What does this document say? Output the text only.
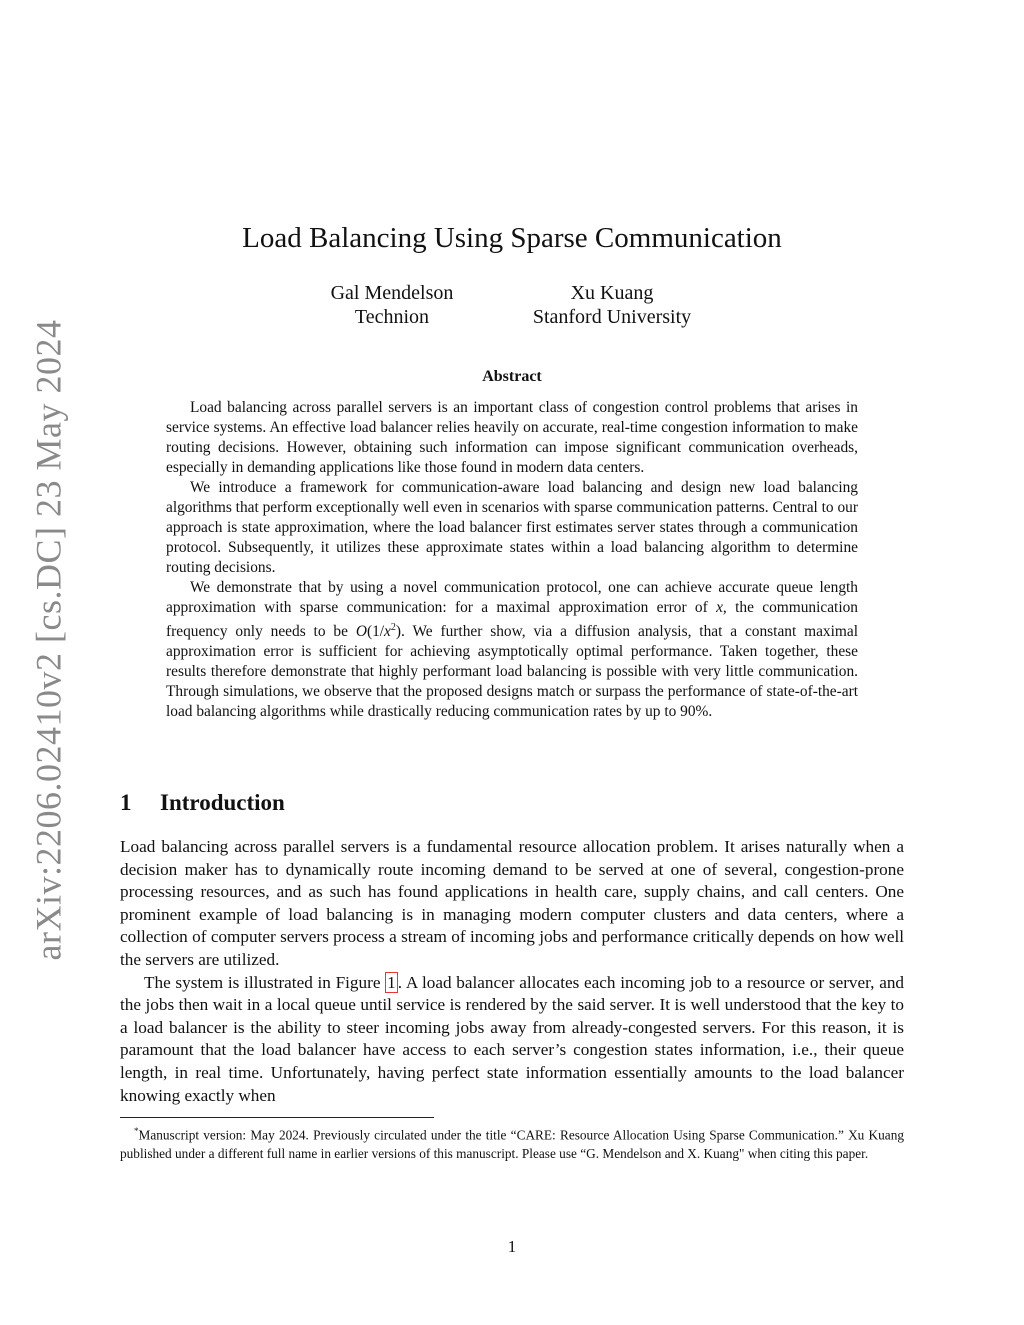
arXiv:2206.02410v2 [cs.DC] 23 May 2024
Load Balancing Using Sparse Communication
Gal Mendelson
Technion
Xu Kuang
Stanford University
Abstract

Load balancing across parallel servers is an important class of congestion control problems that arises in service systems. An effective load balancer relies heavily on accurate, real-time congestion information to make routing decisions. However, obtaining such information can impose significant communication overheads, especially in demanding applications like those found in modern data centers.

We introduce a framework for communication-aware load balancing and design new load balancing algorithms that perform exceptionally well even in scenarios with sparse communication patterns. Central to our approach is state approximation, where the load balancer first estimates server states through a communication protocol. Subsequently, it utilizes these approximate states within a load balancing algorithm to determine routing decisions.

We demonstrate that by using a novel communication protocol, one can achieve accurate queue length approximation with sparse communication: for a maximal approximation error of x, the communication frequency only needs to be $O(1/x^2)$. We further show, via a diffusion analysis, that a constant maximal approximation error is sufficient for achieving asymptotically optimal performance. Taken together, these results therefore demonstrate that highly performant load balancing is possible with very little communication. Through simulations, we observe that the proposed designs match or surpass the performance of state-of-the-art load balancing algorithms while drastically reducing communication rates by up to 90%.

1 Introduction

Load balancing across parallel servers is a fundamental resource allocation problem. It arises naturally when a decision maker has to dynamically route incoming demand to be served at one of several, congestion-prone processing resources, and as such has found applications in health care, supply chains, and call centers. One prominent example of load balancing is in managing modern computer clusters and data centers, where a collection of computer servers process a stream of incoming jobs and performance critically depends on how well the servers are utilized.

The system is illustrated in Figure 1 . A load balancer allocates each incoming job to a resource or server, and the jobs then wait in a local queue until service is rendered by the said server. It is well understood that the key to a load balancer is the ability to steer incoming jobs away from already-congested servers. For this reason, it is paramount that the load balancer have access to each server’s congestion states information, i.e., their queue length, in real time. Unfortunately, having perfect state information essentially amounts to the load balancer knowing exactly when

*Manuscript version: May 2024. Previously circulated under the title “CARE: Resource Allocation Using Sparse Communication.” Xu Kuang published under a different full name in earlier versions of this manuscript. Please use “G. Mendelson and X. Kuang" when citing this paper.

1
